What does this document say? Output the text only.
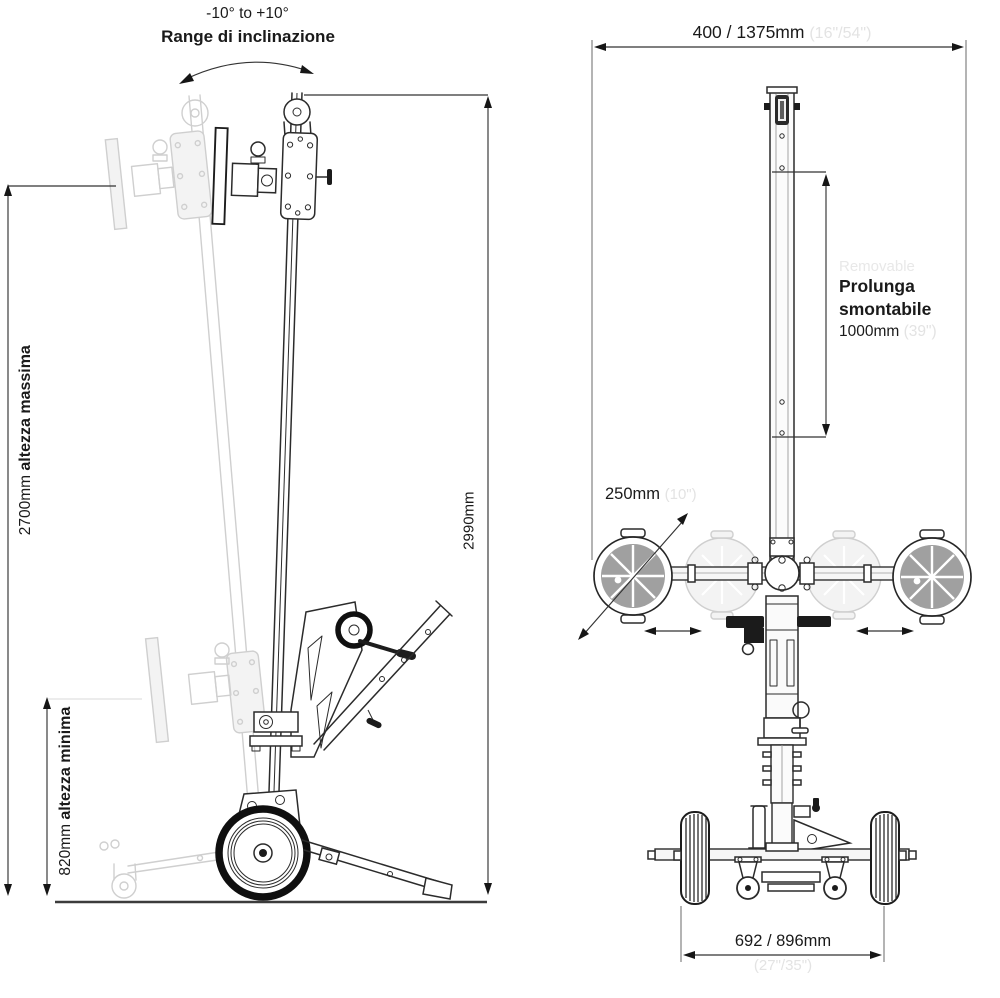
-10° to +10°
Range di inclinazione
2700mm altezza massima
820mm altezza minima
2990mm
400 / 1375mm (16"/54")
Removable
Prolunga
smontabile
1000mm (39")
250mm (10")
692 / 896mm
(27"/35")
